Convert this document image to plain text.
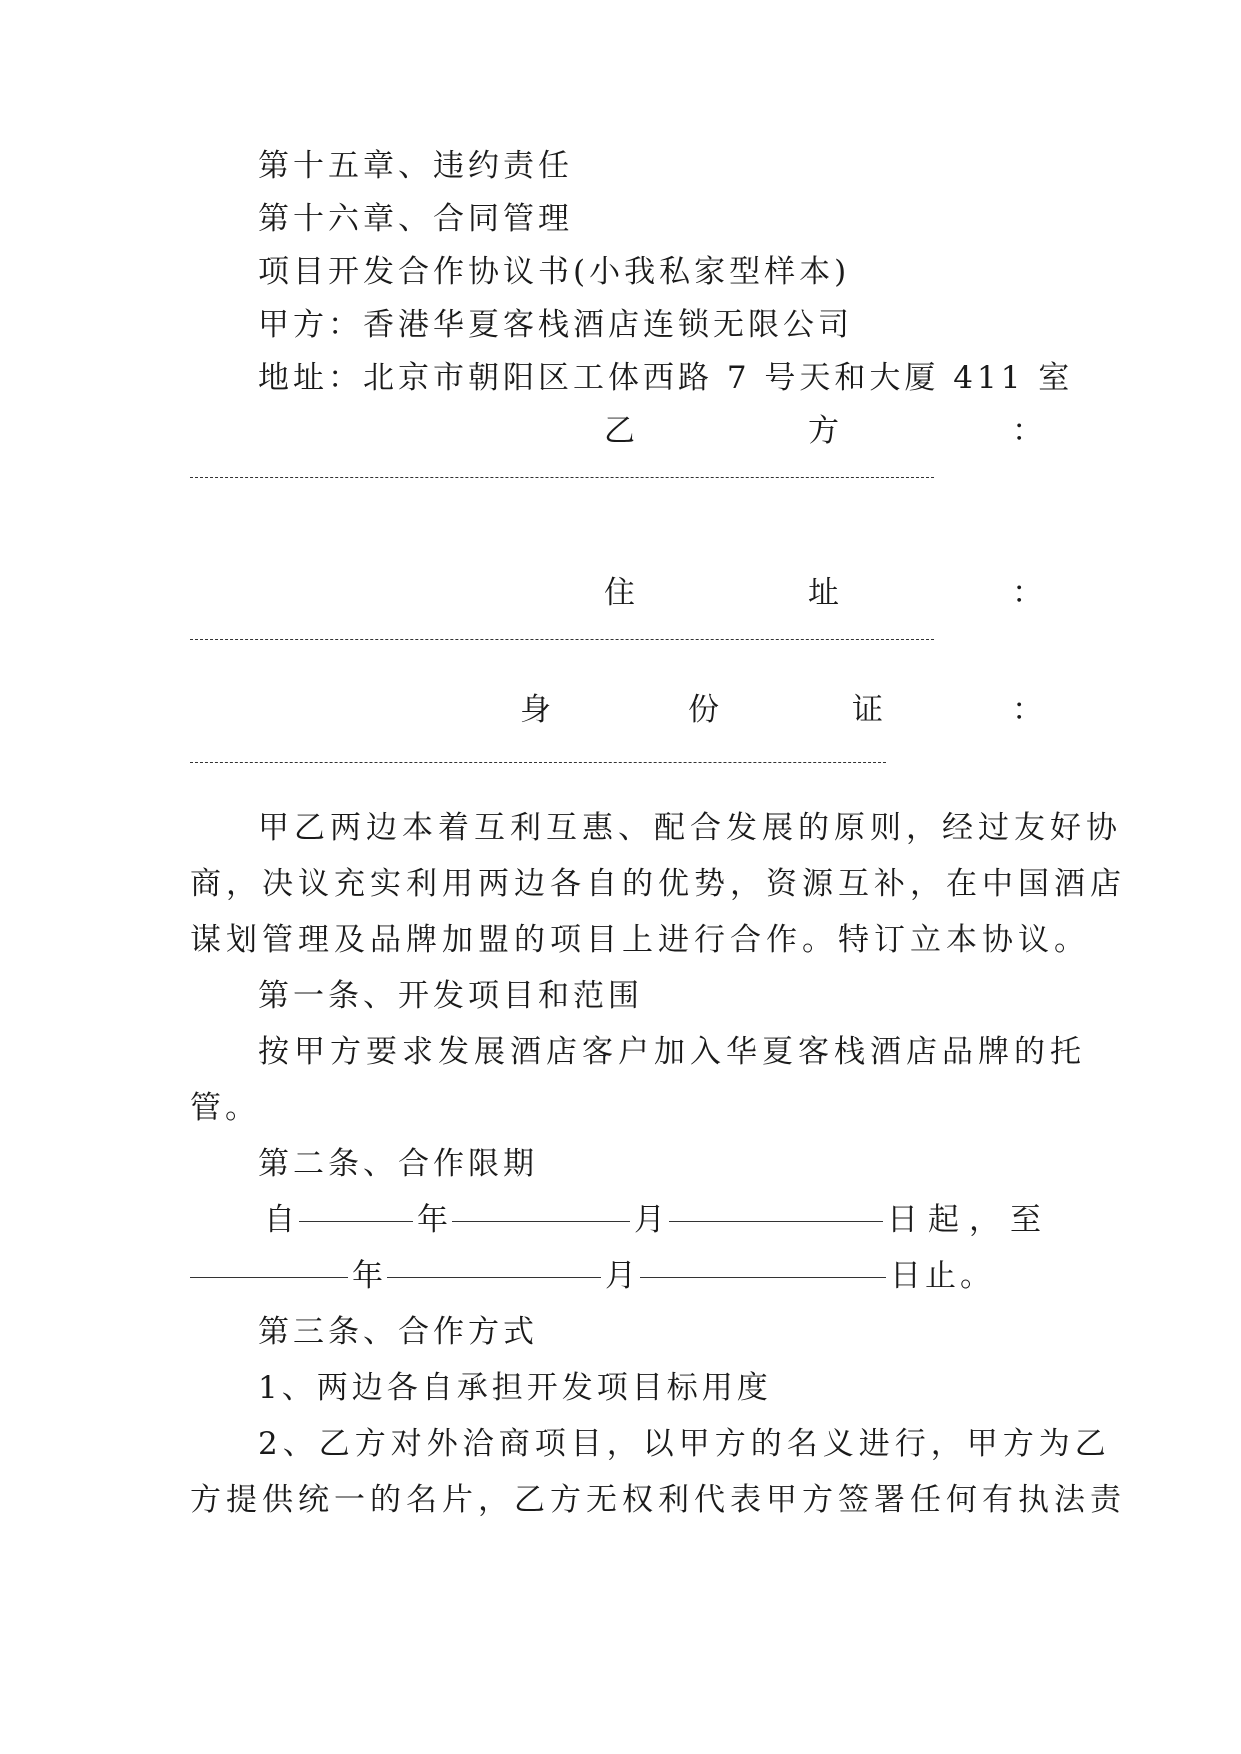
第十五章、违约责任
第十六章、合同管理
项目开发合作协议书(小我私家型样本)
甲方：香港华夏客栈酒店连锁无限公司
地址：北京市朝阳区工体西路 7 号天和大厦 411 室
乙	方	：
住	址	：
身	份	证	：
甲乙两边本着互利互惠、配合发展的原则，经过友好协
商，决议充实利用两边各自的优势，资源互补，在中国酒店
谋划管理及品牌加盟的项目上进行合作。特订立本协议。
第一条、开发项目和范围
按甲方要求发展酒店客户加入华夏客栈酒店品牌的托
管。
第二条、合作限期
自	年	月	日起，至
年	月	日止。
第三条、合作方式
1、两边各自承担开发项目标用度
2、乙方对外洽商项目，以甲方的名义进行，甲方为乙
方提供统一的名片，乙方无权利代表甲方签署任何有执法责
